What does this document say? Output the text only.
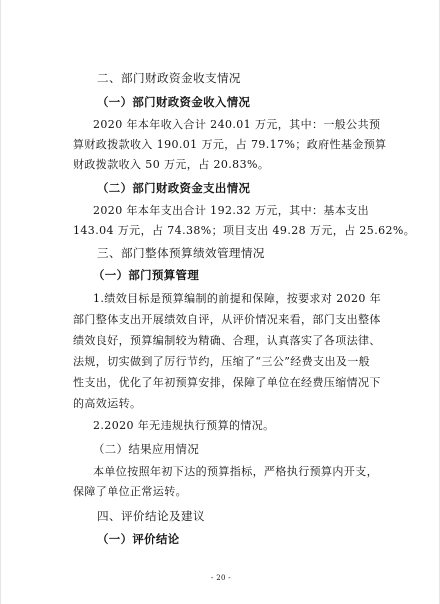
二、部门财政资金收支情况
（一）部门财政资金收入情况
2020 年本年收入合计 240.01 万元，其中：一般公共预
算财政拨款收入 190.01 万元，占 79.17%；政府性基金预算
财政拨款收入 50 万元，占 20.83%。
（二）部门财政资金支出情况
2020 年本年支出合计 192.32 万元，其中：基本支出
143.04 万元，占 74.38%；项目支出 49.28 万元，占 25.62%。
三、部门整体预算绩效管理情况
（一）部门预算管理
1.绩效目标是预算编制的前提和保障，按要求对 2020 年
部门整体支出开展绩效自评，从评价情况来看，部门支出整体
绩效良好，预算编制较为精确、合理，认真落实了各项法律、
法规，切实做到了厉行节约，压缩了“三公”经费支出及一般
性支出，优化了年初预算安排，保障了单位在经费压缩情况下
的高效运转。
2.2020 年无违规执行预算的情况。
（二）结果应用情况
本单位按照年初下达的预算指标，严格执行预算内开支，
保障了单位正常运转。
四、评价结论及建议
（一）评价结论
- 20 -
